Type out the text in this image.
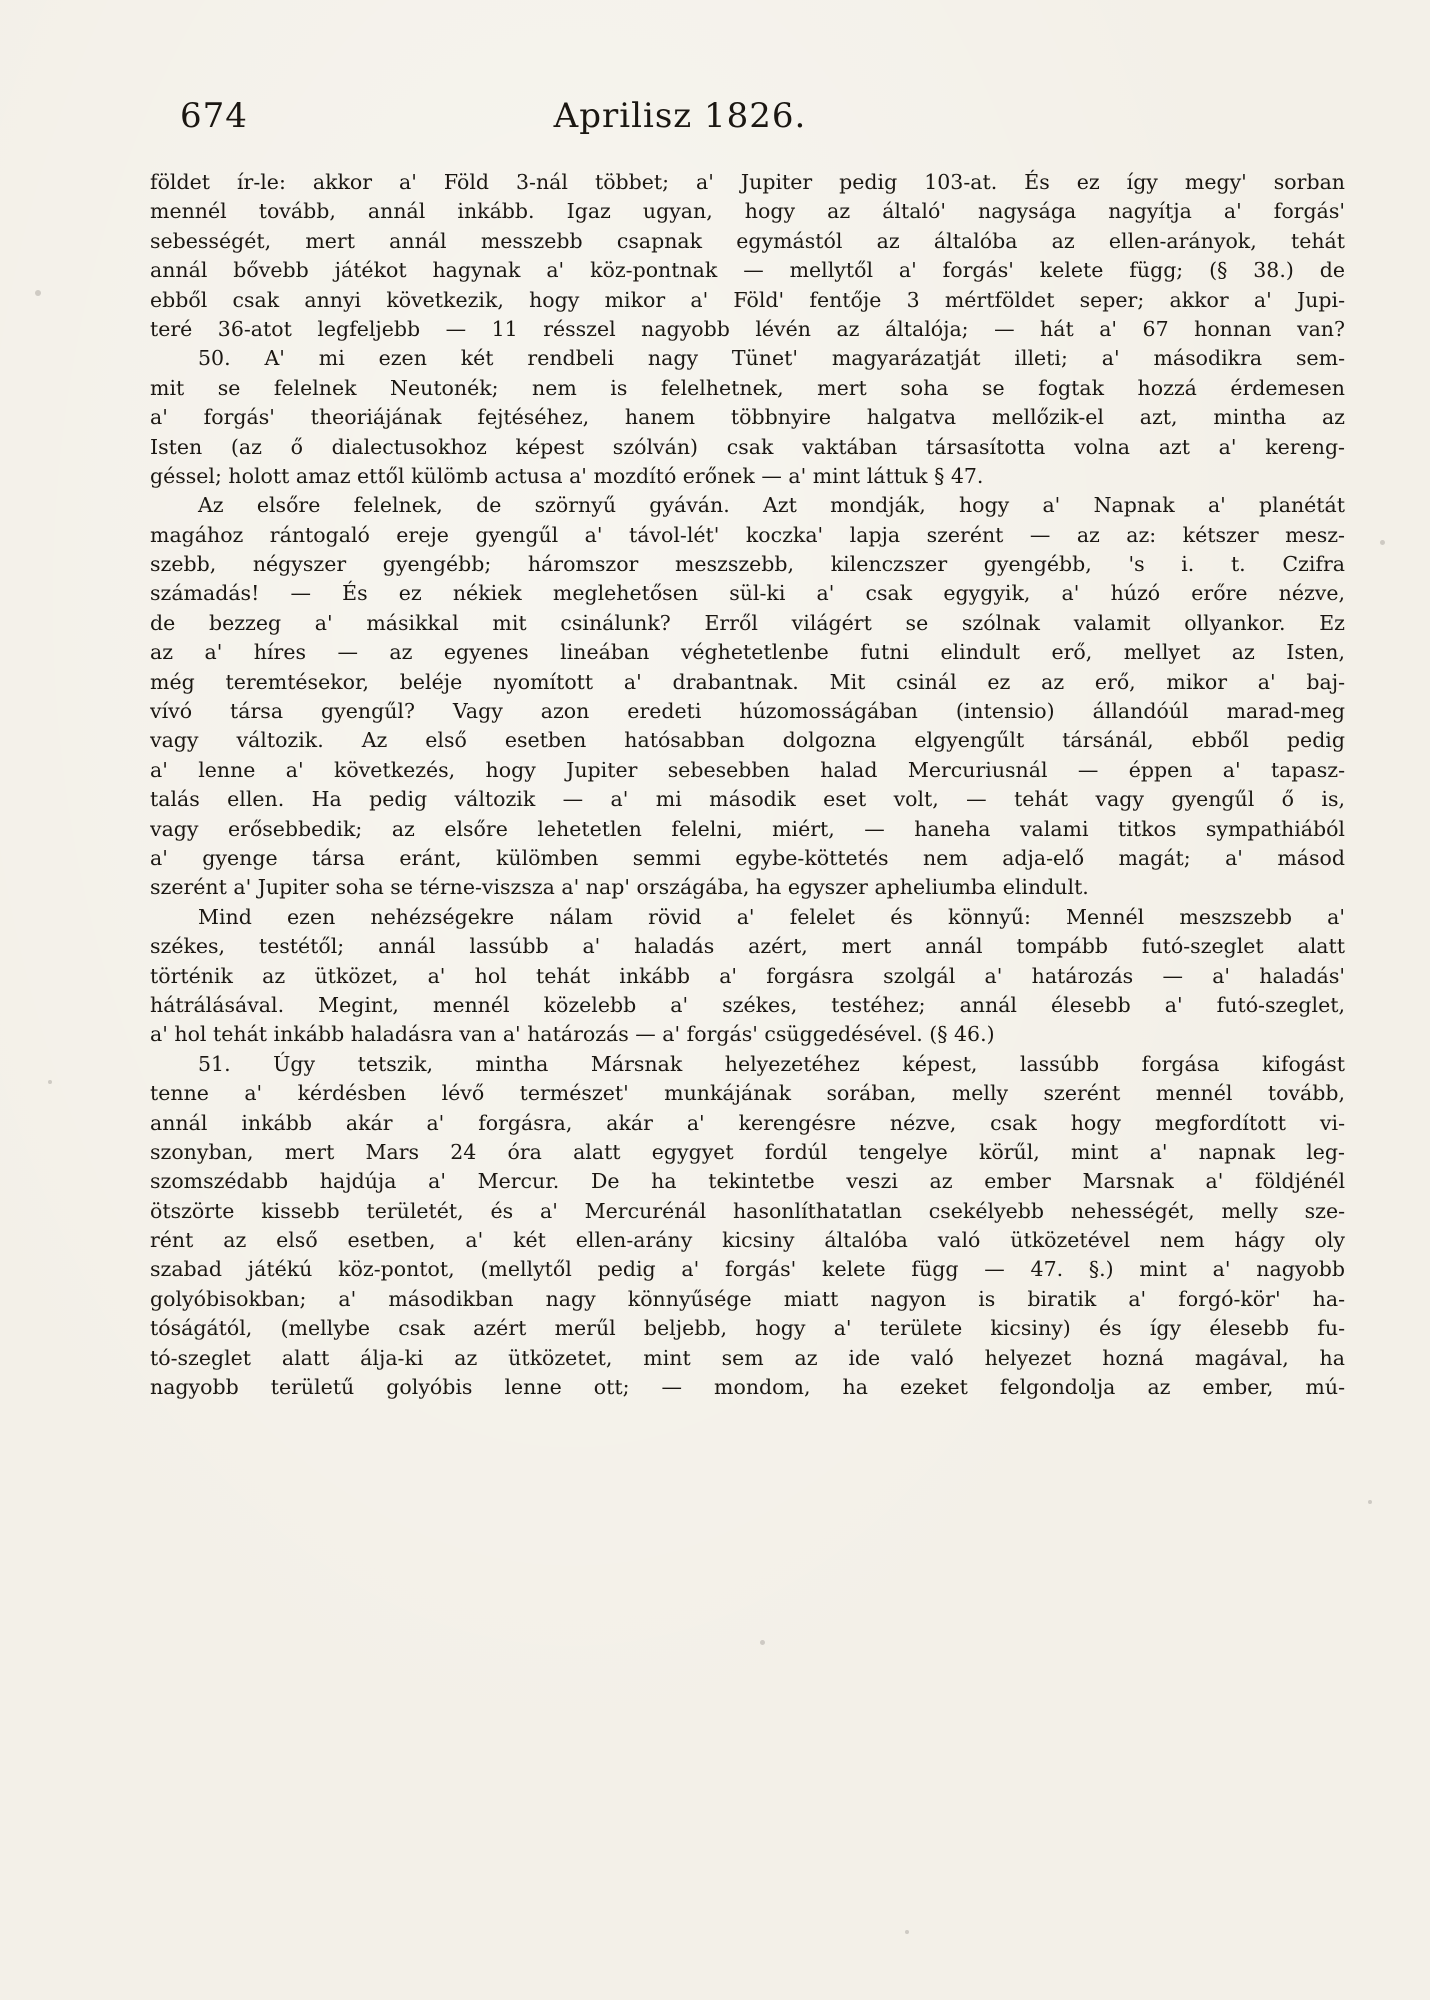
674	Aprilisz 1826.
földet ír-le: akkor a' Föld 3-nál többet; a' Jupiter pedig 103-at. És ez így megy' sorban
mennél tovább, annál inkább. Igaz ugyan, hogy az általó' nagysága nagyítja a' forgás'
sebességét, mert annál messzebb csapnak egymástól az általóba az ellen-arányok, tehát
annál bővebb játékot hagynak a' köz-pontnak — mellytől a' forgás' kelete függ; (§ 38.) de
ebből csak annyi következik, hogy mikor a' Föld' fentője 3 mértföldet seper; akkor a' Jupi-
teré 36-atot legfeljebb — 11 résszel nagyobb lévén az általója; — hát a' 67 honnan van?
50. A' mi ezen két rendbeli nagy Tünet' magyarázatját illeti; a' másodikra sem-
mit se felelnek Neutonék; nem is felelhetnek, mert soha se fogtak hozzá érdemesen
a' forgás' theoriájának fejtéséhez, hanem többnyire halgatva mellőzik-el azt, mintha az
Isten (az ő dialectusokhoz képest szólván) csak vaktában társasította volna azt a' kereng-
géssel; holott amaz ettől külömb actusa a' mozdító erőnek — a' mint láttuk § 47.
Az elsőre felelnek, de szörnyű gyáván. Azt mondják, hogy a' Napnak a' planétát
magához rántogaló ereje gyengűl a' távol-lét' koczka' lapja szerént — az az: kétszer mesz-
szebb, négyszer gyengébb; háromszor meszszebb, kilenczszer gyengébb, 's i. t. Czifra
számadás! — És ez nékiek meglehetősen sül-ki a' csak egygyik, a' húzó erőre nézve,
de bezzeg a' másikkal mit csinálunk? Erről világért se szólnak valamit ollyankor. Ez
az a' híres — az egyenes lineában véghetetlenbe futni elindult erő, mellyet az Isten,
még teremtésekor, beléje nyomított a' drabantnak. Mit csinál ez az erő, mikor a' baj-
vívó társa gyengűl? Vagy azon eredeti húzomosságában (intensio) állandóúl marad-meg
vagy változik. Az első esetben hatósabban dolgozna elgyengűlt társánál, ebből pedig
a' lenne a' következés, hogy Jupiter sebesebben halad Mercuriusnál — éppen a' tapasz-
talás ellen. Ha pedig változik — a' mi második eset volt, — tehát vagy gyengűl ő is,
vagy erősebbedik; az elsőre lehetetlen felelni, miért, — haneha valami titkos sympathiából
a' gyenge társa eránt, külömben semmi egybe-köttetés nem adja-elő magát; a' másod
szerént a' Jupiter soha se térne-viszsza a' nap' országába, ha egyszer apheliumba elindult.
Mind ezen nehézségekre nálam rövid a' felelet és könnyű: Mennél meszszebb a'
székes, testétől; annál lassúbb a' haladás azért, mert annál tompább futó-szeglet alatt
történik az ütközet, a' hol tehát inkább a' forgásra szolgál a' határozás — a' haladás'
hátrálásával. Megint, mennél közelebb a' székes, testéhez; annál élesebb a' futó-szeglet,
a' hol tehát inkább haladásra van a' határozás — a' forgás' csüggedésével. (§ 46.)
51. Úgy tetszik, mintha Mársnak helyezetéhez képest, lassúbb forgása kifogást
tenne a' kérdésben lévő természet' munkájának sorában, melly szerént mennél tovább,
annál inkább akár a' forgásra, akár a' kerengésre nézve, csak hogy megfordított vi-
szonyban, mert Mars 24 óra alatt egygyet fordúl tengelye körűl, mint a' napnak leg-
szomszédabb hajdúja a' Mercur. De ha tekintetbe veszi az ember Marsnak a' földjénél
ötszörte kissebb területét, és a' Mercurénál hasonlíthatatlan csekélyebb nehességét, melly sze-
rént az első esetben, a' két ellen-arány kicsiny általóba való ütközetével nem hágy oly
szabad játékú köz-pontot, (mellytől pedig a' forgás' kelete függ — 47. §.) mint a' nagyobb
golyóbisokban; a' másodikban nagy könnyűsége miatt nagyon is biratik a' forgó-kör' ha-
tóságától, (mellybe csak azért merűl beljebb, hogy a' területe kicsiny) és így élesebb fu-
tó-szeglet alatt álja-ki az ütközetet, mint sem az ide való helyezet hozná magával, ha
nagyobb területű golyóbis lenne ott; — mondom, ha ezeket felgondolja az ember, mú-
